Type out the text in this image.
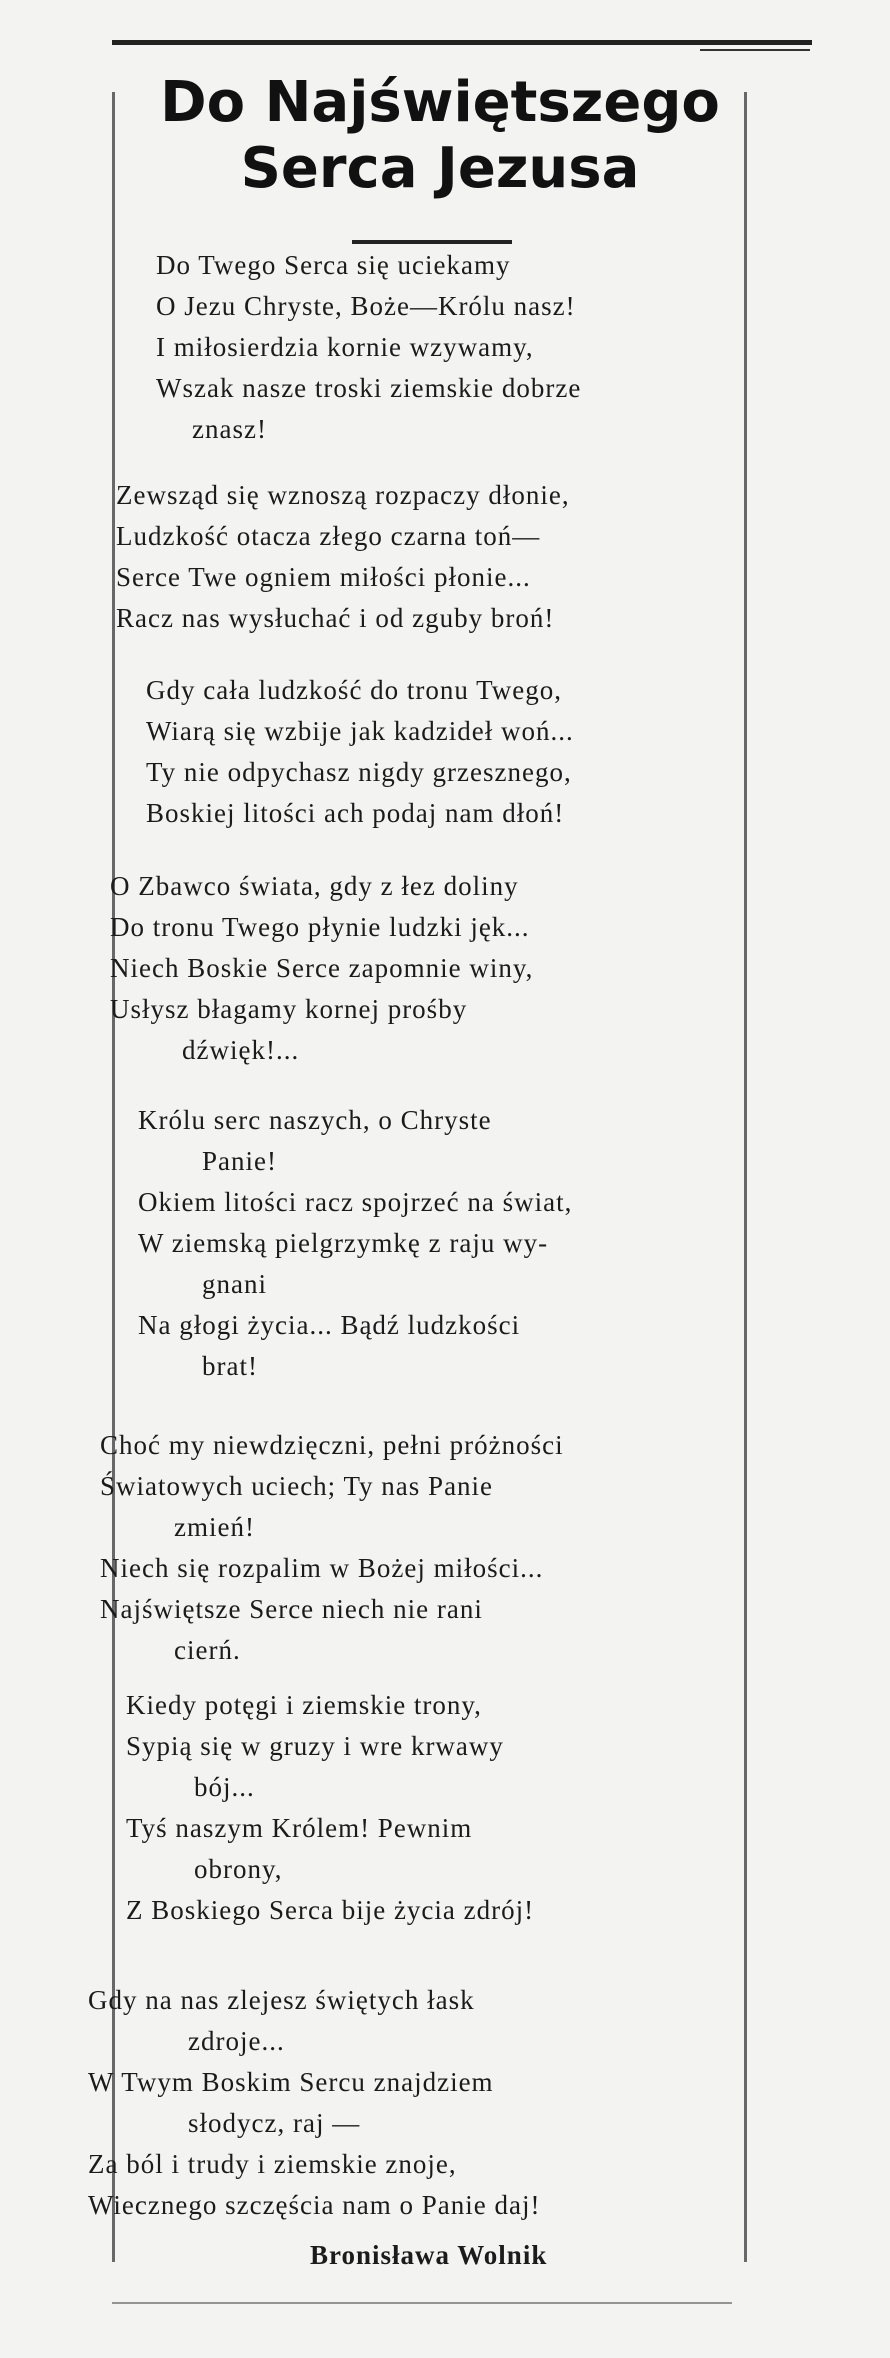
Do Najświętszego
Serca Jezusa
Do Twego Serca się uciekamy
O Jezu Chryste, Boże—Królu nasz!
I miłosierdzia kornie wzywamy,
Wszak nasze troski ziemskie dobrze
znasz!
Zewsząd się wznoszą rozpaczy dłonie,
Ludzkość otacza złego czarna toń—
Serce Twe ogniem miłości płonie...
Racz nas wysłuchać i od zguby broń!
Gdy cała ludzkość do tronu Twego,
Wiarą się wzbije jak kadzideł woń...
Ty nie odpychasz nigdy grzesznego,
Boskiej litości ach podaj nam dłoń!
O Zbawco świata, gdy z łez doliny
Do tronu Twego płynie ludzki jęk...
Niech Boskie Serce zapomnie winy,
Usłysz błagamy kornej prośby
dźwięk!...
Królu serc naszych, o Chryste
Panie!
Okiem litości racz spojrzeć na świat,
W ziemską pielgrzymkę z raju wy-
gnani
Na głogi życia... Bądź ludzkości
brat!
Choć my niewdzięczni, pełni próżności
Światowych uciech; Ty nas Panie
zmień!
Niech się rozpalim w Bożej miłości...
Najświętsze Serce niech nie rani
cierń.
Kiedy potęgi i ziemskie trony,
Sypią się w gruzy i wre krwawy
bój...
Tyś naszym Królem! Pewnim
obrony,
Z Boskiego Serca bije życia zdrój!
Gdy na nas zlejesz świętych łask
zdroje...
W Twym Boskim Sercu znajdziem
słodycz, raj —
Za ból i trudy i ziemskie znoje,
Wiecznego szczęścia nam o Panie daj!
Bronisława Wolnik
